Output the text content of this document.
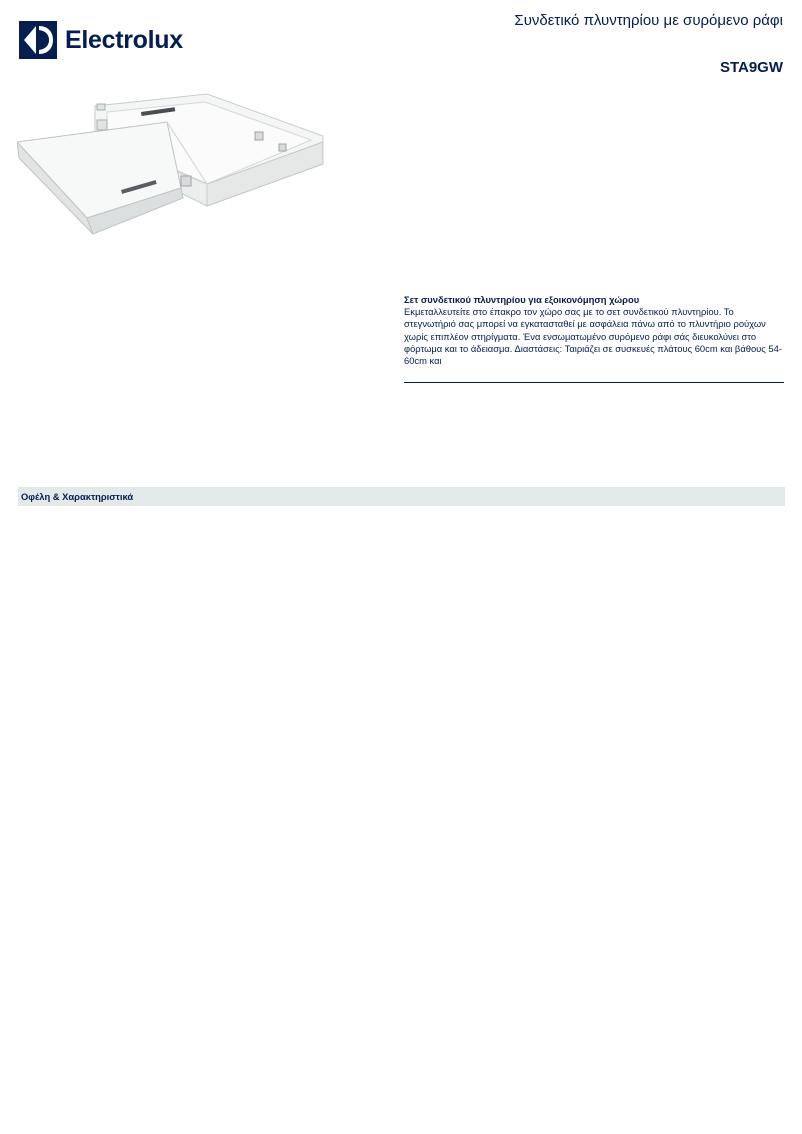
Electrolux
Συνδετικό πλυντηρίου με συρόμενο ράφι
STA9GW
Σετ συνδετικού πλυντηρίου για εξοικονόμηση χώρου
Εκμεταλλευτείτε στο έπακρο τον χώρο σας με το σετ συνδετικού πλυντηρίου. Το στεγνωτήριό σας μπορεί να εγκατασταθεί με ασφάλεια πάνω από το πλυντήριο ρούχων χωρίς επιπλέον στηρίγματα. Ένα ενσωματωμένο συρόμενο ράφι σάς διευκολύνει στο φόρτωμα και το άδειασμα. Διαστάσεις: Ταιριάζει σε συσκευές πλάτους 60cm και βάθους 54-60cm και
Οφέλη & Χαρακτηριστικά
